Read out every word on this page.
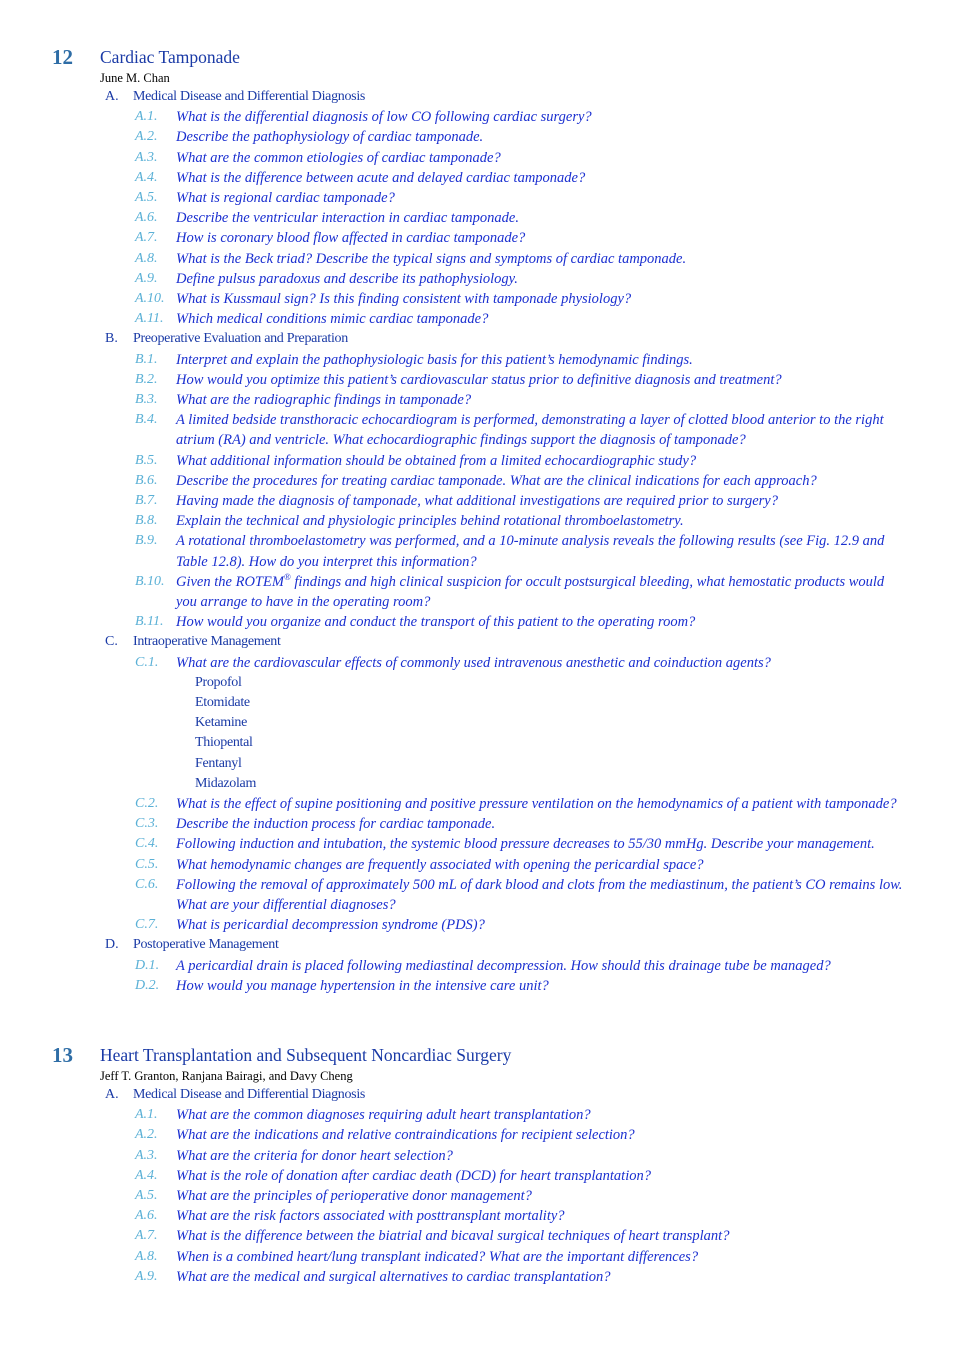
12 Cardiac Tamponade
June M. Chan
A. Medical Disease and Differential Diagnosis
A.1. What is the differential diagnosis of low CO following cardiac surgery?
A.2. Describe the pathophysiology of cardiac tamponade.
A.3. What are the common etiologies of cardiac tamponade?
A.4. What is the difference between acute and delayed cardiac tamponade?
A.5. What is regional cardiac tamponade?
A.6. Describe the ventricular interaction in cardiac tamponade.
A.7. How is coronary blood flow affected in cardiac tamponade?
A.8. What is the Beck triad? Describe the typical signs and symptoms of cardiac tamponade.
A.9. Define pulsus paradoxus and describe its pathophysiology.
A.10. What is Kussmaul sign? Is this finding consistent with tamponade physiology?
A.11. Which medical conditions mimic cardiac tamponade?
B. Preoperative Evaluation and Preparation
B.1. Interpret and explain the pathophysiologic basis for this patient’s hemodynamic findings.
B.2. How would you optimize this patient’s cardiovascular status prior to definitive diagnosis and treatment?
B.3. What are the radiographic findings in tamponade?
B.4. A limited bedside transthoracic echocardiogram is performed, demonstrating a layer of clotted blood anterior to the right atrium (RA) and ventricle. What echocardiographic findings support the diagnosis of tamponade?
B.5. What additional information should be obtained from a limited echocardiographic study?
B.6. Describe the procedures for treating cardiac tamponade. What are the clinical indications for each approach?
B.7. Having made the diagnosis of tamponade, what additional investigations are required prior to surgery?
B.8. Explain the technical and physiologic principles behind rotational thromboelastometry.
B.9. A rotational thromboelastometry was performed, and a 10-minute analysis reveals the following results (see Fig. 12.9 and Table 12.8). How do you interpret this information?
B.10. Given the ROTEM® findings and high clinical suspicion for occult postsurgical bleeding, what hemostatic products would you arrange to have in the operating room?
B.11. How would you organize and conduct the transport of this patient to the operating room?
C. Intraoperative Management
C.1. What are the cardiovascular effects of commonly used intravenous anesthetic and coinduction agents?
Propofol
Etomidate
Ketamine
Thiopental
Fentanyl
Midazolam
C.2. What is the effect of supine positioning and positive pressure ventilation on the hemodynamics of a patient with tamponade?
C.3. Describe the induction process for cardiac tamponade.
C.4. Following induction and intubation, the systemic blood pressure decreases to 55/30 mmHg. Describe your management.
C.5. What hemodynamic changes are frequently associated with opening the pericardial space?
C.6. Following the removal of approximately 500 mL of dark blood and clots from the mediastinum, the patient’s CO remains low. What are your differential diagnoses?
C.7. What is pericardial decompression syndrome (PDS)?
D. Postoperative Management
D.1. A pericardial drain is placed following mediastinal decompression. How should this drainage tube be managed?
D.2. How would you manage hypertension in the intensive care unit?
13 Heart Transplantation and Subsequent Noncardiac Surgery
Jeff T. Granton, Ranjana Bairagi, and Davy Cheng
A. Medical Disease and Differential Diagnosis
A.1. What are the common diagnoses requiring adult heart transplantation?
A.2. What are the indications and relative contraindications for recipient selection?
A.3. What are the criteria for donor heart selection?
A.4. What is the role of donation after cardiac death (DCD) for heart transplantation?
A.5. What are the principles of perioperative donor management?
A.6. What are the risk factors associated with posttransplant mortality?
A.7. What is the difference between the biatrial and bicaval surgical techniques of heart transplant?
A.8. When is a combined heart/lung transplant indicated? What are the important differences?
A.9. What are the medical and surgical alternatives to cardiac transplantation?
